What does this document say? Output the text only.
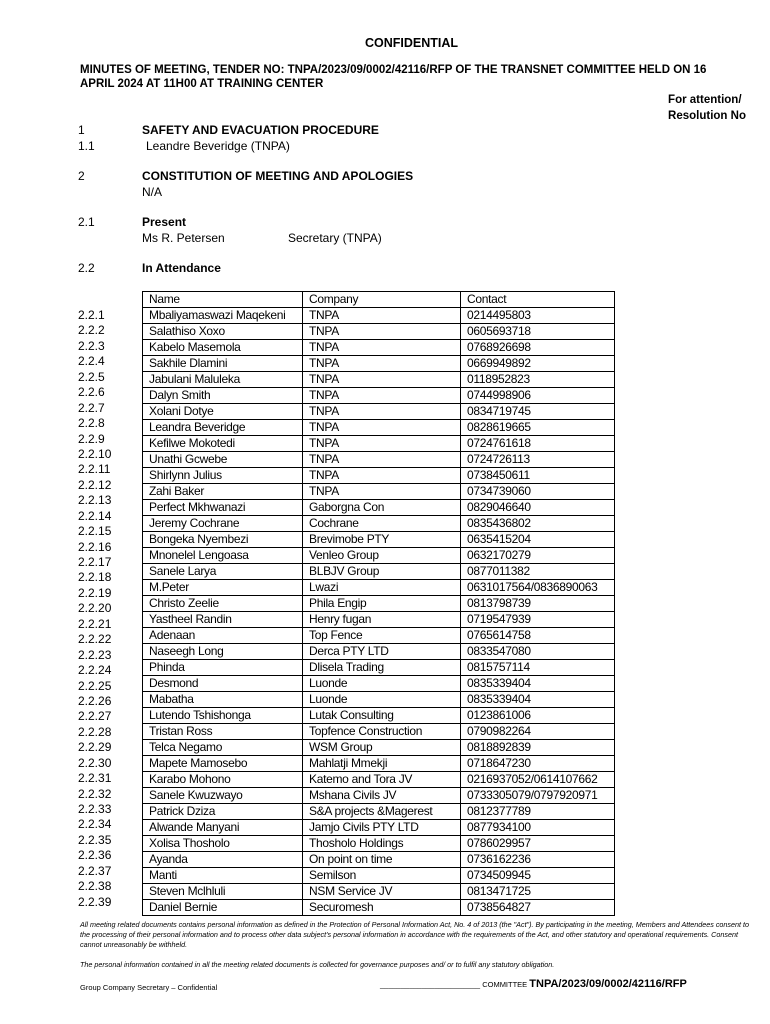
CONFIDENTIAL
MINUTES OF MEETING, TENDER NO: TNPA/2023/09/0002/42116/RFP OF THE TRANSNET COMMITTEE HELD ON 16 APRIL 2024 AT 11H00 AT TRAINING CENTER
For attention/
Resolution No
1	SAFETY AND EVACUATION PROCEDURE
1.1	Leandre Beveridge (TNPA)
2	CONSTITUTION OF MEETING AND APOLOGIES
N/A
2.1	Present
Ms R. Petersen	Secretary (TNPA)
2.2	In Attendance
2.2.1
2.2.2
2.2.3
2.2.4
2.2.5
2.2.6
2.2.7
2.2.8
2.2.9
2.2.10
2.2.11
2.2.12
2.2.13
2.2.14
2.2.15
2.2.16
2.2.17
2.2.18
2.2.19
2.2.20
2.2.21
2.2.22
2.2.23
2.2.24
2.2.25
2.2.26
2.2.27
2.2.28
2.2.29
2.2.30
2.2.31
2.2.32
2.2.33
2.2.34
2.2.35
2.2.36
2.2.37
2.2.38
2.2.39
Name	Company	Contact
Mbaliyamaswazi Maqekeni	TNPA	0214495803
Salathiso Xoxo	TNPA	0605693718
Kabelo Masemola	TNPA	0768926698
Sakhile Dlamini	TNPA	0669949892
Jabulani Maluleka	TNPA	0118952823
Dalyn Smith	TNPA	0744998906
Xolani Dotye	TNPA	0834719745
Leandra Beveridge	TNPA	0828619665
Kefilwe Mokotedi	TNPA	0724761618
Unathi Gcwebe	TNPA	0724726113
Shirlynn Julius	TNPA	0738450611
Zahi Baker	TNPA	0734739060
Perfect Mkhwanazi	Gaborgna Con	0829046640
Jeremy Cochrane	Cochrane	0835436802
Bongeka Nyembezi	Brevimobe PTY	0635415204
Mnonelel Lengoasa	Venleo Group	0632170279
Sanele Larya	BLBJV Group	0877011382
M.Peter	Lwazi	0631017564/0836890063
Christo Zeelie	Phila Engip	0813798739
Yastheel Randin	Henry fugan	0719547939
Adenaan	Top Fence	0765614758
Naseegh Long	Derca PTY LTD	0833547080
Phinda	Dlisela Trading	0815757114
Desmond	Luonde	0835339404
Mabatha	Luonde	0835339404
Lutendo Tshishonga	Lutak Consulting	0123861006
Tristan Ross	Topfence Construction	0790982264
Telca Negamo	WSM Group	0818892839
Mapete Mamosebo	Mahlatji Mmekji	0718647230
Karabo Mohono	Katemo and Tora JV	0216937052/0614107662
Sanele Kwuzwayo	Mshana Civils JV	0733305079/0797920971
Patrick Dziza	S&A projects &Magerest	0812377789
Alwande Manyani	Jamjo Civils PTY LTD	0877934100
Xolisa Thosholo	Thosholo Holdings	0786029957
Ayanda	On point on time	0736162236
Manti	Semilson	0734509945
Steven Mclhluli	NSM Service JV	0813471725
Daniel Bernie	Securomesh	0738564827
All meeting related documents contains personal information as defined in the Protection of Personal Information Act, No. 4 of 2013 (the "Act"). By participating in the meeting, Members and Attendees consent to the processing of their personal information and to process other data subject's personal information in accordance with the requirements of the Act, and other statutory and operational requirements. Consent cannot unreasonably be withheld.
The personal information contained in all the meeting related documents is collected for governance purposes and/ or to fulfil any statutory obligation.
Group Company Secretary – Confidential	________________________ COMMITTEE TNPA/2023/09/0002/42116/RFP
